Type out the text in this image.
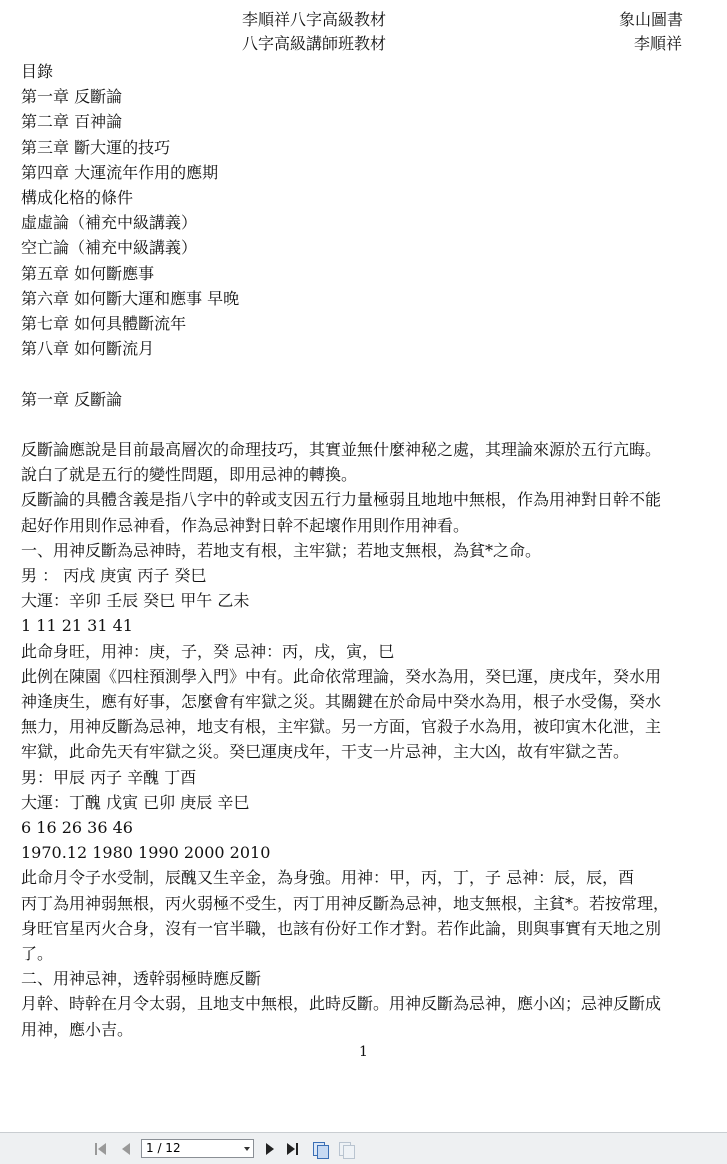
李順祥八字高級教材
八字高級講師班教材
象山圖書
李順祥

目錄

第一章 反斷論

第二章 百神論

第三章 斷大運的技巧

第四章 大運流年作用的應期

構成化格的條件

虛虛論（補充中級講義）

空亡論（補充中級講義）

第五章 如何斷應事

第六章 如何斷大運和應事 早晚

第七章 如何具體斷流年

第八章 如何斷流月

第一章 反斷論

反斷論應說是目前最高層次的命理技巧，其實並無什麼神秘之處，其理論來源於五行亢晦。

說白了就是五行的變性問題，即用忌神的轉換。

反斷論的具體含義是指八字中的幹或支因五行力量極弱且地地中無根，作為用神對日幹不能

起好作用則作忌神看，作為忌神對日幹不起壞作用則作用神看。

一、用神反斷為忌神時，若地支有根，主牢獄；若地支無根，為貧*之命。

男 ： 丙戌 庚寅 丙子 癸巳

大運：辛卯 壬辰 癸巳 甲午 乙未

1 11 21 31 41

此命身旺，用神：庚，子，癸 忌神：丙，戌，寅，巳

此例在陳園《四柱預測學入門》中有。此命依常理論，癸水為用，癸巳運，庚戌年，癸水用

神逢庚生，應有好事，怎麼會有牢獄之災。其關鍵在於命局中癸水為用，根子水受傷，癸水

無力，用神反斷為忌神，地支有根，主牢獄。另一方面，官殺子水為用，被印寅木化泄，主

牢獄，此命先天有牢獄之災。癸巳運庚戌年，干支一片忌神，主大凶，故有牢獄之苦。

男：甲辰 丙子 辛醜 丁酉

大運：丁醜 戊寅 已卯 庚辰 辛巳

6 16 26 36 46

1970.12 1980 1990 2000 2010

此命月令子水受制，辰醜又生辛金，為身強。用神：甲，丙，丁，子 忌神：辰，辰，酉

丙丁為用神弱無根，丙火弱極不受生，丙丁用神反斷為忌神，地支無根，主貧*。若按常理，

身旺官星丙火合身，沒有一官半職，也該有份好工作才對。若作此論，則與事實有天地之別

了。

二、用神忌神，透幹弱極時應反斷

月幹、時幹在月令太弱，且地支中無根，此時反斷。用神反斷為忌神，應小凶；忌神反斷成

用神，應小吉。

1
1 / 12
